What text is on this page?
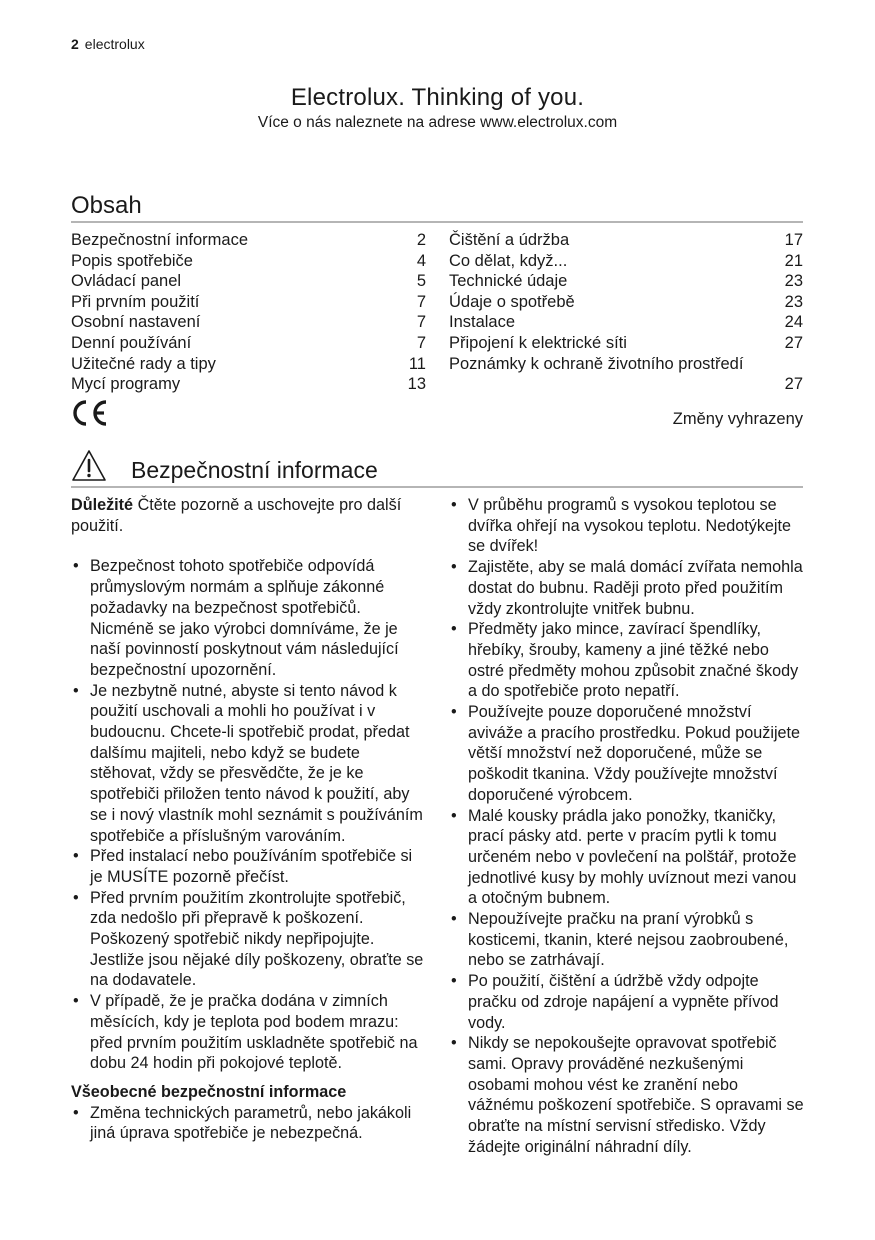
2 electrolux
Electrolux. Thinking of you.
Více o nás naleznete na adrese www.electrolux.com
Obsah
Bezpečnostní informace	2
Popis spotřebiče	4
Ovládací panel	5
Při prvním použití	7
Osobní nastavení	7
Denní používání	7
Užitečné rady a tipy	11
Mycí programy	13
Čištění a údržba	17
Co dělat, když...	21
Technické údaje	23
Údaje o spotřebě	23
Instalace	24
Připojení k elektrické síti	27
Poznámky k ochraně životního prostředí
27
Změny vyhrazeny
Bezpečnostní informace

Důležité Čtěte pozorně a uschovejte pro další použití.

• Bezpečnost tohoto spotřebiče odpovídá průmyslovým normám a splňuje zákonné požadavky na bezpečnost spotřebičů. Nicméně se jako výrobci domníváme, že je naší povinností poskytnout vám následující bezpečnostní upozornění.
• Je nezbytně nutné, abyste si tento návod k použití uschovali a mohli ho používat i v budoucnu. Chcete-li spotřebič prodat, předat dalšímu majiteli, nebo když se budete stěhovat, vždy se přesvědčte, že je ke spotřebiči přiložen tento návod k použití, aby se i nový vlastník mohl seznámit s používáním spotřebiče a příslušným varováním.
• Před instalací nebo používáním spotřebiče si je MUSÍTE pozorně přečíst.
• Před prvním použitím zkontrolujte spotřebič, zda nedošlo při přepravě k poškození. Poškozený spotřebič nikdy nepřipojujte. Jestliže jsou nějaké díly poškozeny, obraťte se na dodavatele.
• V případě, že je pračka dodána v zimních měsících, kdy je teplota pod bodem mrazu: před prvním použitím uskladněte spotřebič na dobu 24 hodin při pokojové teplotě.

Všeobecné bezpečnostní informace

• Změna technických parametrů, nebo jakákoli jiná úprava spotřebiče je nebezpečná.
• V průběhu programů s vysokou teplotou se dvířka ohřejí na vysokou teplotu. Nedotýkejte se dvířek!
• Zajistěte, aby se malá domácí zvířata nemohla dostat do bubnu. Raději proto před použitím vždy zkontrolujte vnitřek bubnu.
• Předměty jako mince, zavírací špendlíky, hřebíky, šrouby, kameny a jiné těžké nebo ostré předměty mohou způsobit značné škody a do spotřebiče proto nepatří.
• Používejte pouze doporučené množství aviváže a pracího prostředku. Pokud použijete větší množství než doporučené, může se poškodit tkanina. Vždy používejte množství doporučené výrobcem.
• Malé kousky prádla jako ponožky, tkaničky, prací pásky atd. perte v pracím pytli k tomu určeném nebo v povlečení na polštář, protože jednotlivé kusy by mohly uvíznout mezi vanou a otočným bubnem.
• Nepoužívejte pračku na praní výrobků s kosticemi, tkanin, které nejsou zaobroubené, nebo se zatrhávají.
• Po použití, čištění a údržbě vždy odpojte pračku od zdroje napájení a vypněte přívod vody.
• Nikdy se nepokoušejte opravovat spotřebič sami. Opravy prováděné nezkušenými osobami mohou vést ke zranění nebo vážnému poškození spotřebiče. S opravami se obraťte na místní servisní středisko. Vždy žádejte originální náhradní díly.
